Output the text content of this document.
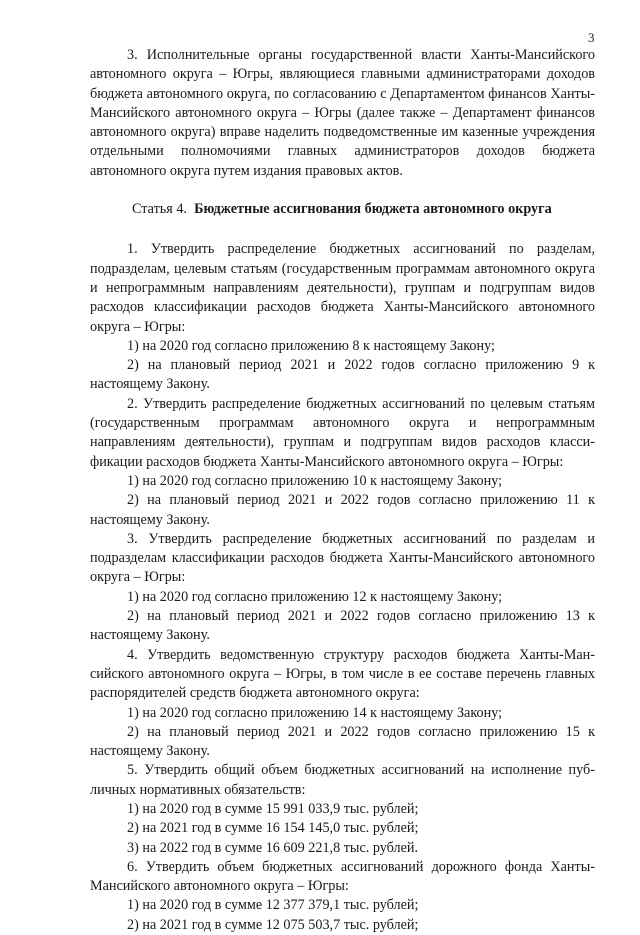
3

3. Исполнительные органы государственной власти Ханты-Мансийского автономного округа – Югры, являющиеся главными администраторами доходов бюджета автономного округа, по согласованию с Департаментом финансов Ханты-Мансийского автономного округа – Югры (далее также – Департамент финансов автономного округа) вправе наделить подведомственные им казенные учреждения отдельными полномочиями главных администраторов доходов бюджета автономного округа путем издания правовых актов.

Статья 4. Бюджетные ассигнования бюджета автономного округа

1. Утвердить распределение бюджетных ассигнований по разделам, подразделам, целевым статьям (государственным программам автономного округа и непрограммным направлениям деятельности), группам и подгруппам видов расходов классификации расходов бюджета Ханты-Мансийского автономного округа – Югры:

1) на 2020 год согласно приложению 8 к настоящему Закону;

2) на плановый период 2021 и 2022 годов согласно приложению 9 к настоящему Закону.

2. Утвердить распределение бюджетных ассигнований по целевым статьям (государственным программам автономного округа и непрограммным направлениям деятельности), группам и подгруппам видов расходов классификации расходов бюджета Ханты-Мансийского автономного округа – Югры:

1) на 2020 год согласно приложению 10 к настоящему Закону;

2) на плановый период 2021 и 2022 годов согласно приложению 11 к настоящему Закону.

3. Утвердить распределение бюджетных ассигнований по разделам и подразделам классификации расходов бюджета Ханты-Мансийского автономного округа – Югры:

1) на 2020 год согласно приложению 12 к настоящему Закону;

2) на плановый период 2021 и 2022 годов согласно приложению 13 к настоящему Закону.

4. Утвердить ведомственную структуру расходов бюджета Ханты-Мансийского автономного округа – Югры, в том числе в ее составе перечень главных распорядителей средств бюджета автономного округа:

1) на 2020 год согласно приложению 14 к настоящему Закону;

2) на плановый период 2021 и 2022 годов согласно приложению 15 к настоящему Закону.

5. Утвердить общий объем бюджетных ассигнований на исполнение публичных нормативных обязательств:

1) на 2020 год в сумме 15 991 033,9 тыс. рублей;

2) на 2021 год в сумме 16 154 145,0 тыс. рублей;

3) на 2022 год в сумме 16 609 221,8 тыс. рублей.

6. Утвердить объем бюджетных ассигнований дорожного фонда Ханты-Мансийского автономного округа – Югры:

1) на 2020 год в сумме 12 377 379,1 тыс. рублей;

2) на 2021 год в сумме 12 075 503,7 тыс. рублей;
